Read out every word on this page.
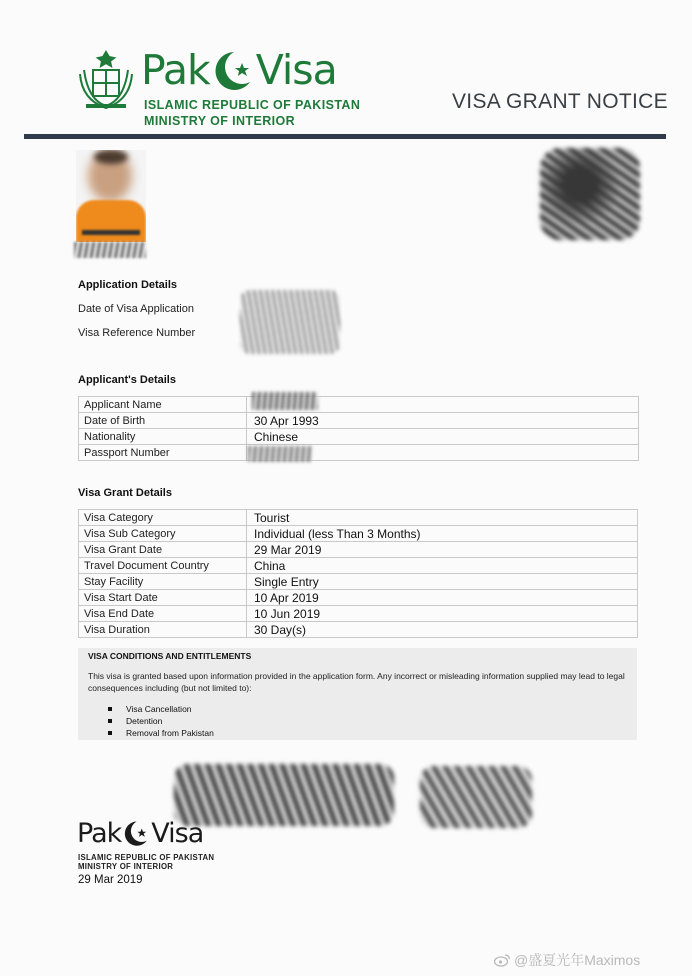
Pak Visa
ISLAMIC REPUBLIC OF PAKISTAN
MINISTRY OF INTERIOR
VISA GRANT NOTICE
Application Details
Date of Visa Application
Visa Reference Number
Applicant's Details
Applicant Name	
Date of Birth	30 Apr 1993
Nationality	Chinese
Passport Number	
Visa Grant Details
Visa Category	Tourist
Visa Sub Category	Individual (less Than 3 Months)
Visa Grant Date	29 Mar 2019
Travel Document Country	China
Stay Facility	Single Entry
Visa Start Date	10 Apr 2019
Visa End Date	10 Jun 2019
Visa Duration	30 Day(s)
VISA CONDITIONS AND ENTITLEMENTS
This visa is granted based upon information provided in the application form. Any incorrect or misleading information supplied may lead to legal consequences including (but not limited to):
Visa Cancellation
Detention
Removal from Pakistan
Pak Visa
ISLAMIC REPUBLIC OF PAKISTAN
MINISTRY OF INTERIOR
29 Mar 2019
@盛夏光年Maximos
